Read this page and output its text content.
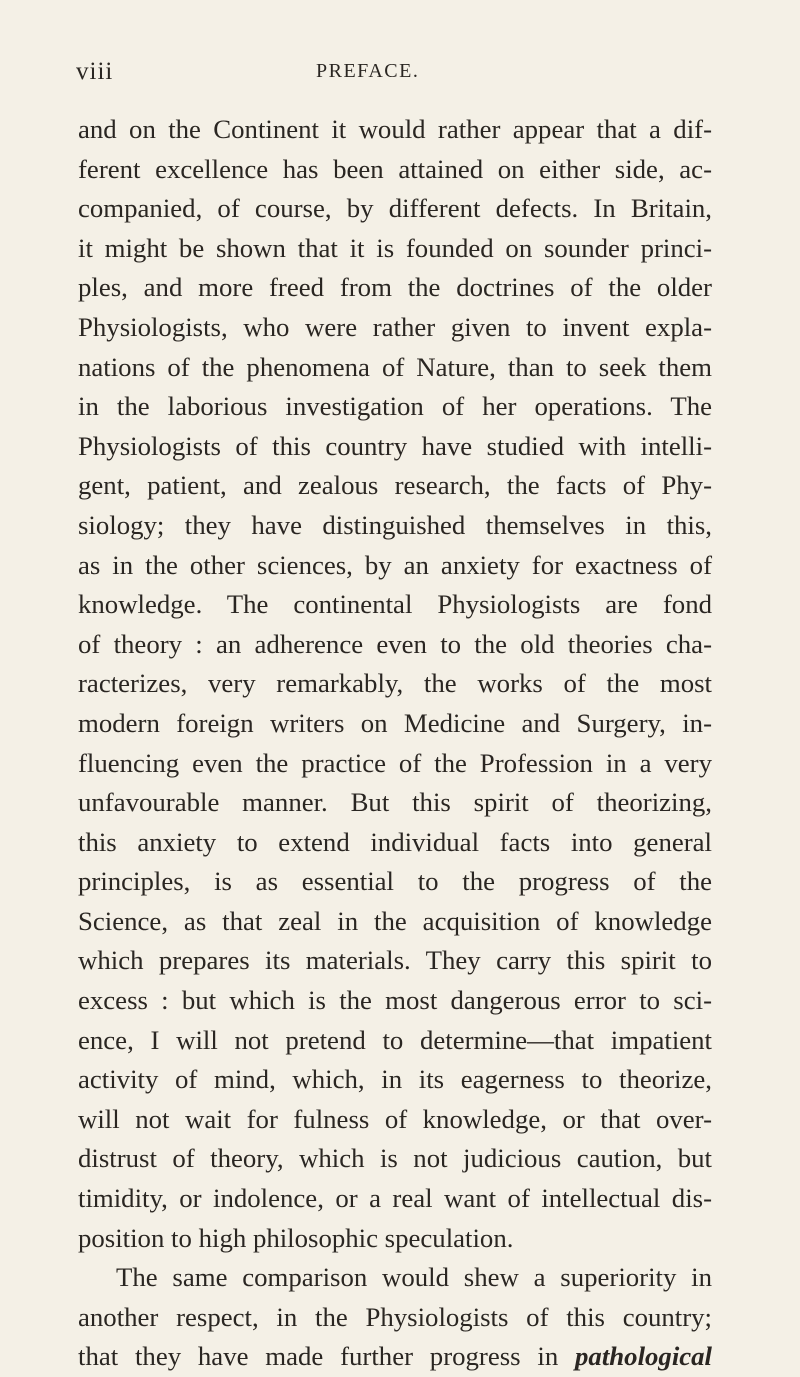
viii	PREFACE.
and on the Continent it would rather appear that a dif-
ferent excellence has been attained on either side, ac-
companied, of course, by different defects. In Britain,
it might be shown that it is founded on sounder princi-
ples, and more freed from the doctrines of the older
Physiologists, who were rather given to invent expla-
nations of the phenomena of Nature, than to seek them
in the laborious investigation of her operations. The
Physiologists of this country have studied with intelli-
gent, patient, and zealous research, the facts of Phy-
siology; they have distinguished themselves in this,
as in the other sciences, by an anxiety for exactness of
knowledge. The continental Physiologists are fond
of theory : an adherence even to the old theories cha-
racterizes, very remarkably, the works of the most
modern foreign writers on Medicine and Surgery, in-
fluencing even the practice of the Profession in a very
unfavourable manner. But this spirit of theorizing,
this anxiety to extend individual facts into general
principles, is as essential to the progress of the
Science, as that zeal in the acquisition of knowledge
which prepares its materials. They carry this spirit to
excess : but which is the most dangerous error to sci-
ence, I will not pretend to determine—that impatient
activity of mind, which, in its eagerness to theorize,
will not wait for fulness of knowledge, or that over-
distrust of theory, which is not judicious caution, but
timidity, or indolence, or a real want of intellectual dis-
position to high philosophic speculation.
The same comparison would shew a superiority in
another respect, in the Physiologists of this country;
that they have made further progress in pathological
